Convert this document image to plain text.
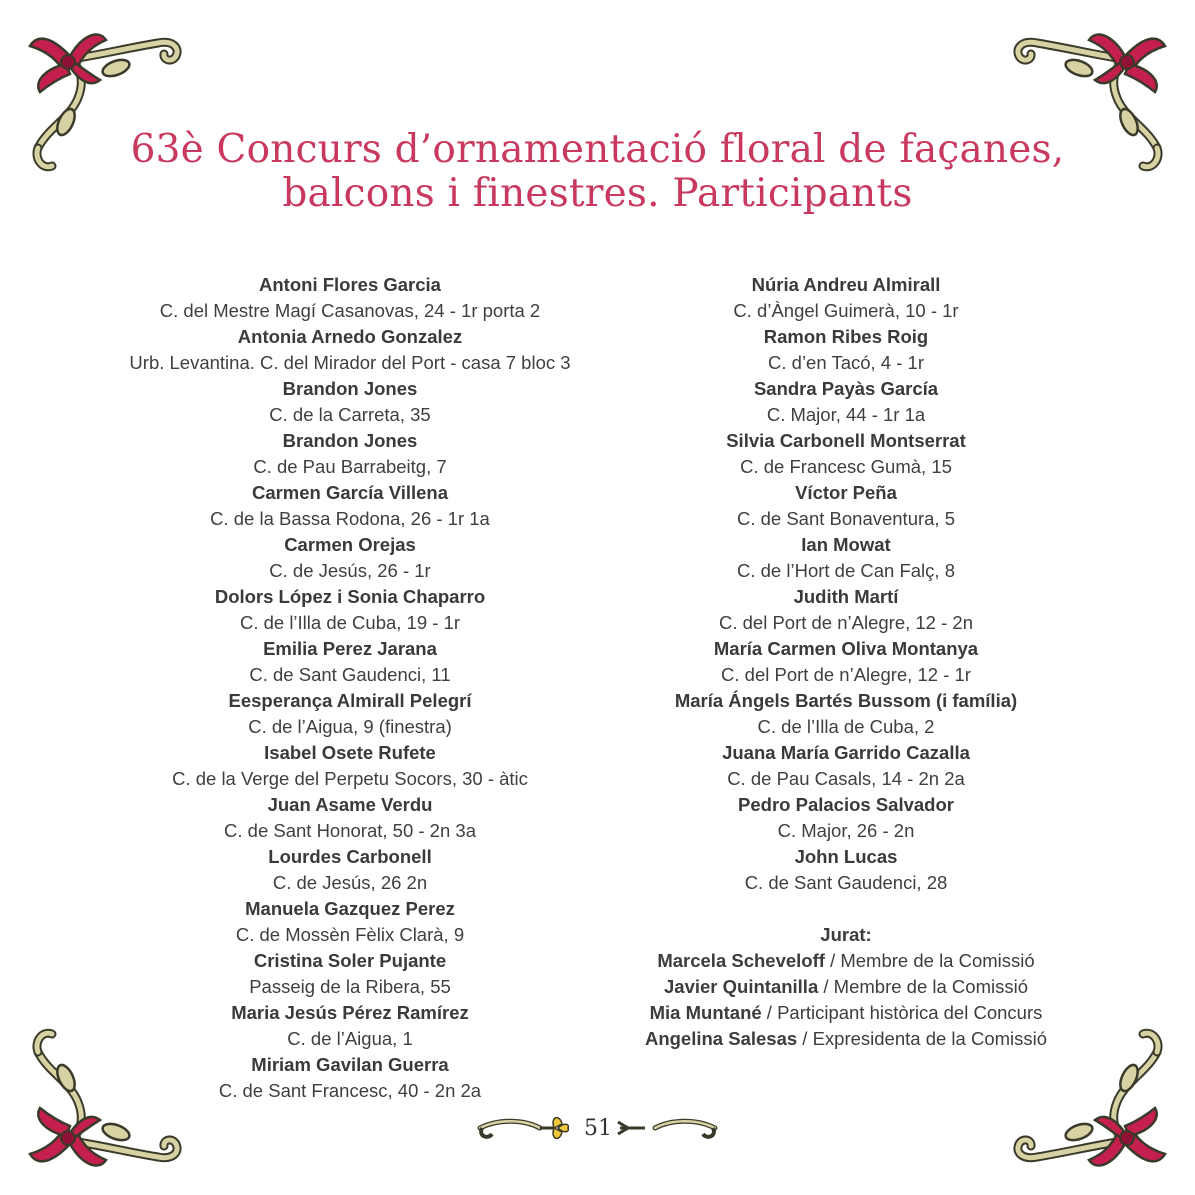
63è Concurs d’ornamentació floral de façanes,
balcons i finestres. Participants
Antoni Flores Garcia
C. del Mestre Magí Casanovas, 24 - 1r porta 2
Antonia Arnedo Gonzalez
Urb. Levantina. C. del Mirador del Port - casa 7 bloc 3
Brandon Jones
C. de la Carreta, 35
Brandon Jones
C. de Pau Barrabeitg, 7
Carmen García Villena
C. de la Bassa Rodona, 26 - 1r 1a
Carmen Orejas
C. de Jesús, 26 - 1r
Dolors López i Sonia Chaparro
C. de l’Illa de Cuba, 19 - 1r
Emilia Perez Jarana
C. de Sant Gaudenci, 11
Eesperança Almirall Pelegrí
C. de l’Aigua, 9 (finestra)
Isabel Osete Rufete
C. de la Verge del Perpetu Socors, 30 - àtic
Juan Asame Verdu
C. de Sant Honorat, 50 - 2n 3a
Lourdes Carbonell
C. de Jesús, 26 2n
Manuela Gazquez Perez
C. de Mossèn Fèlix Clarà, 9
Cristina Soler Pujante
Passeig de la Ribera, 55
Maria Jesús Pérez Ramírez
C. de l’Aigua, 1
Miriam Gavilan Guerra
C. de Sant Francesc, 40 - 2n 2a
Núria Andreu Almirall
C. d’Àngel Guimerà, 10 - 1r
Ramon Ribes Roig
C. d’en Tacó, 4 - 1r
Sandra Payàs García
C. Major, 44 - 1r 1a
Silvia Carbonell Montserrat
C. de Francesc Gumà, 15
Víctor Peña
C. de Sant Bonaventura, 5
Ian Mowat
C. de l’Hort de Can Falç, 8
Judith Martí
C. del Port de n’Alegre, 12 - 2n
María Carmen Oliva Montanya
C. del Port de n’Alegre, 12 - 1r
María Ángels Bartés Bussom (i família)
C. de l’Illa de Cuba, 2
Juana María Garrido Cazalla
C. de Pau Casals, 14 - 2n 2a
Pedro Palacios Salvador
C. Major, 26 - 2n
John Lucas
C. de Sant Gaudenci, 28
Jurat:
Marcela Scheveloff / Membre de la Comissió
Javier Quintanilla / Membre de la Comissió
Mia Muntané / Participant històrica del Concurs
Angelina Salesas / Expresidenta de la Comissió
51
